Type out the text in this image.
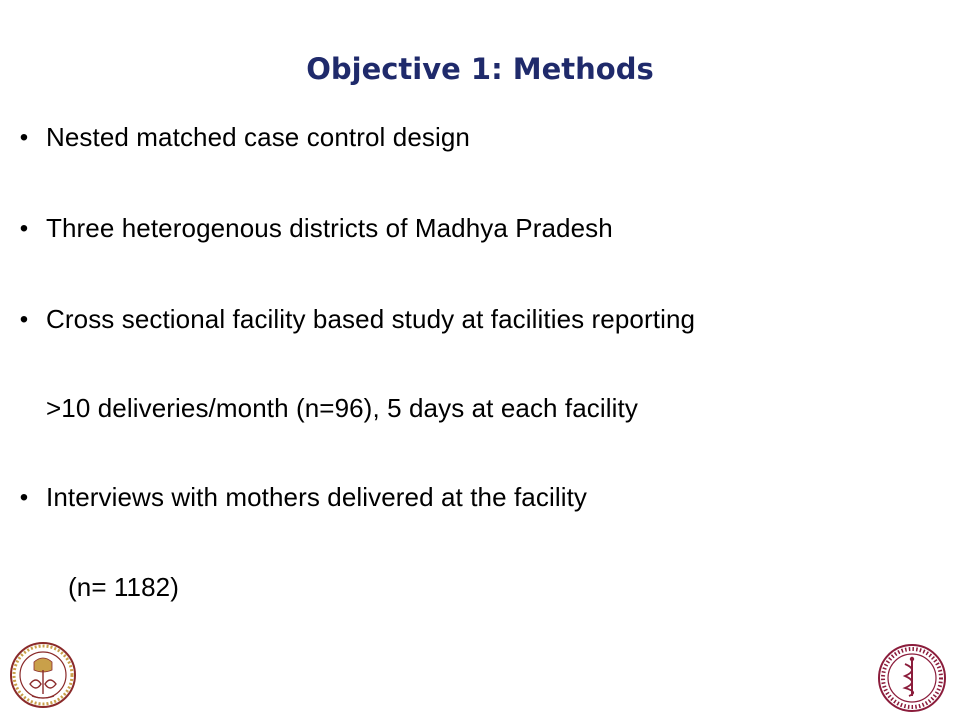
Objective 1: Methods
• Nested matched case control design
• Three heterogenous districts of Madhya Pradesh
• Cross sectional facility based study at facilities reporting
>10 deliveries/month (n=96), 5 days at each facility
• Interviews with mothers delivered at the facility
(n= 1182)
